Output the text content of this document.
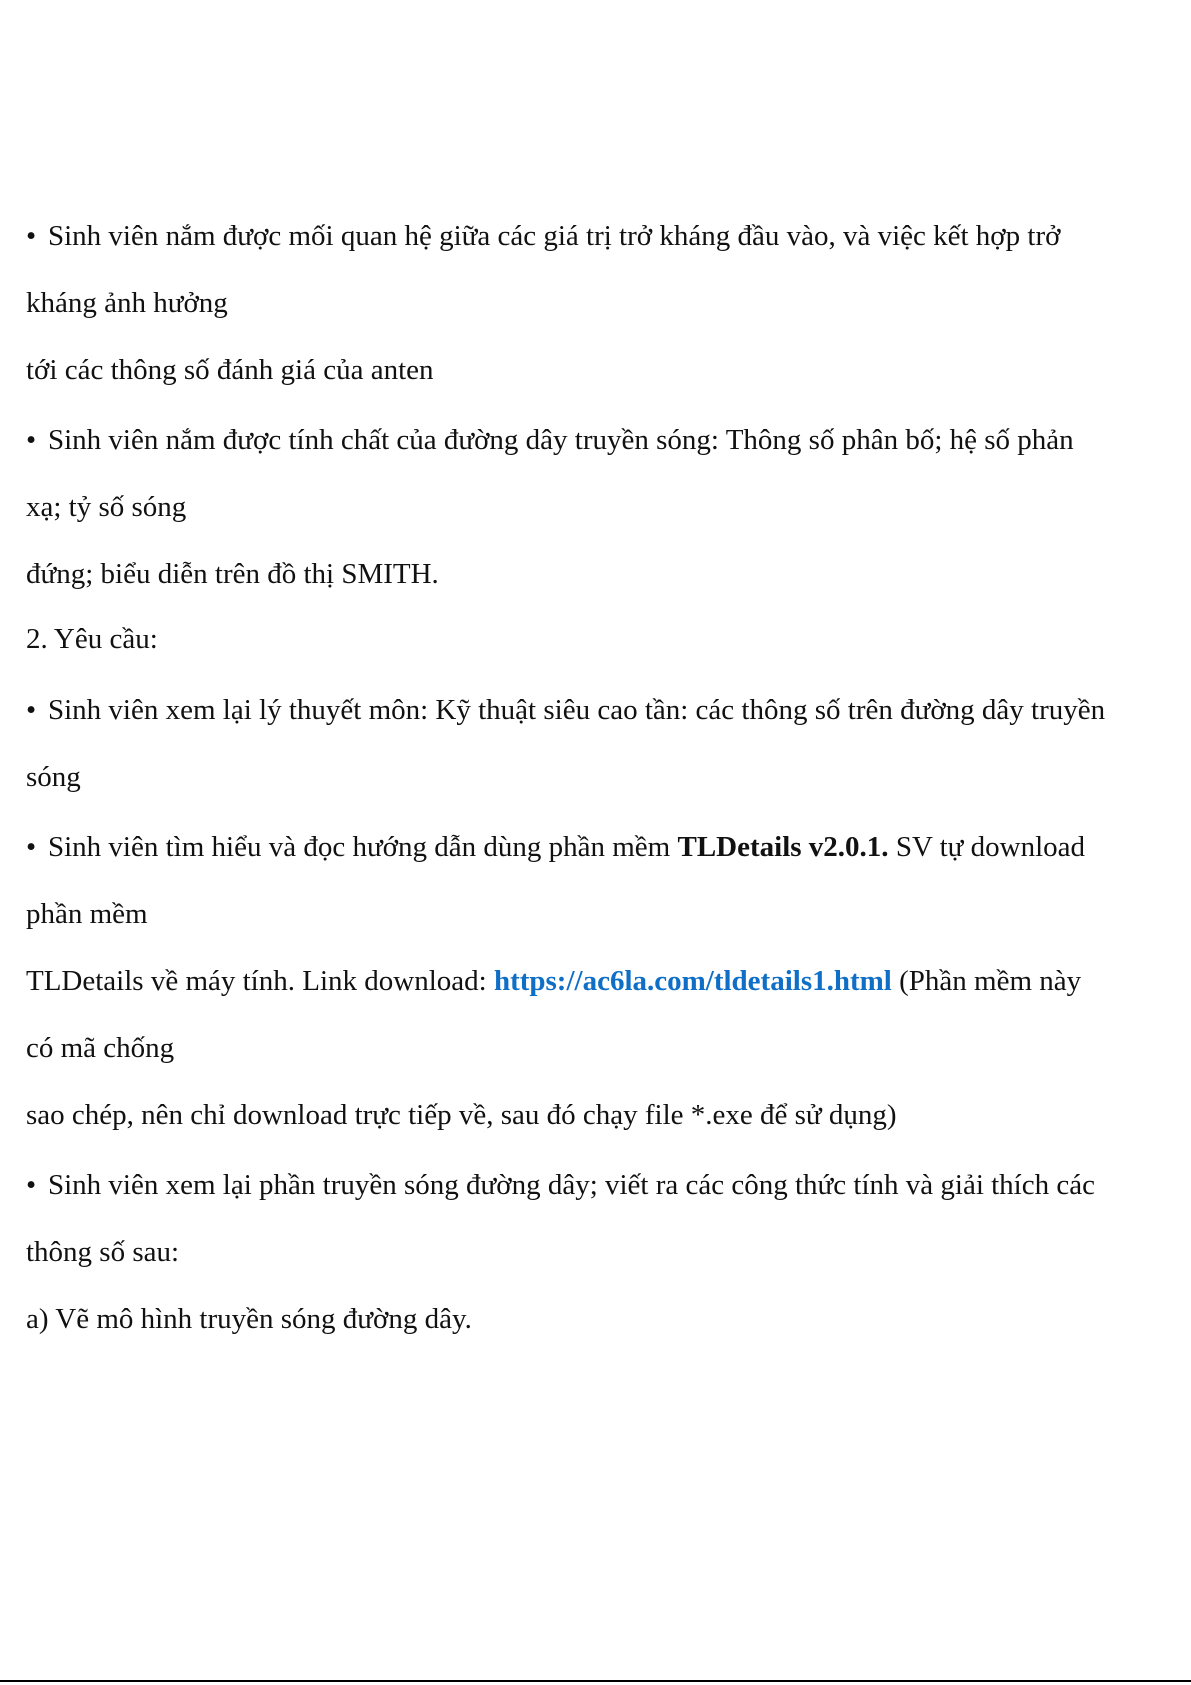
• Sinh viên nắm được mối quan hệ giữa các giá trị trở kháng đầu vào, và việc kết hợp trở
kháng ảnh hưởng
tới các thông số đánh giá của anten
• Sinh viên nắm được tính chất của đường dây truyền sóng: Thông số phân bố; hệ số phản
xạ; tỷ số sóng
đứng; biểu diễn trên đồ thị SMITH.
2. Yêu cầu:
• Sinh viên xem lại lý thuyết môn: Kỹ thuật siêu cao tần: các thông số trên đường dây truyền
sóng
• Sinh viên tìm hiểu và đọc hướng dẫn dùng phần mềm TLDetails v2.0.1. SV tự download
phần mềm
TLDetails về máy tính. Link download: https://ac6la.com/tldetails1.html (Phần mềm này
có mã chống
sao chép, nên chỉ download trực tiếp về, sau đó chạy file *.exe để sử dụng)
• Sinh viên xem lại phần truyền sóng đường dây; viết ra các công thức tính và giải thích các
thông số sau:
a) Vẽ mô hình truyền sóng đường dây.
